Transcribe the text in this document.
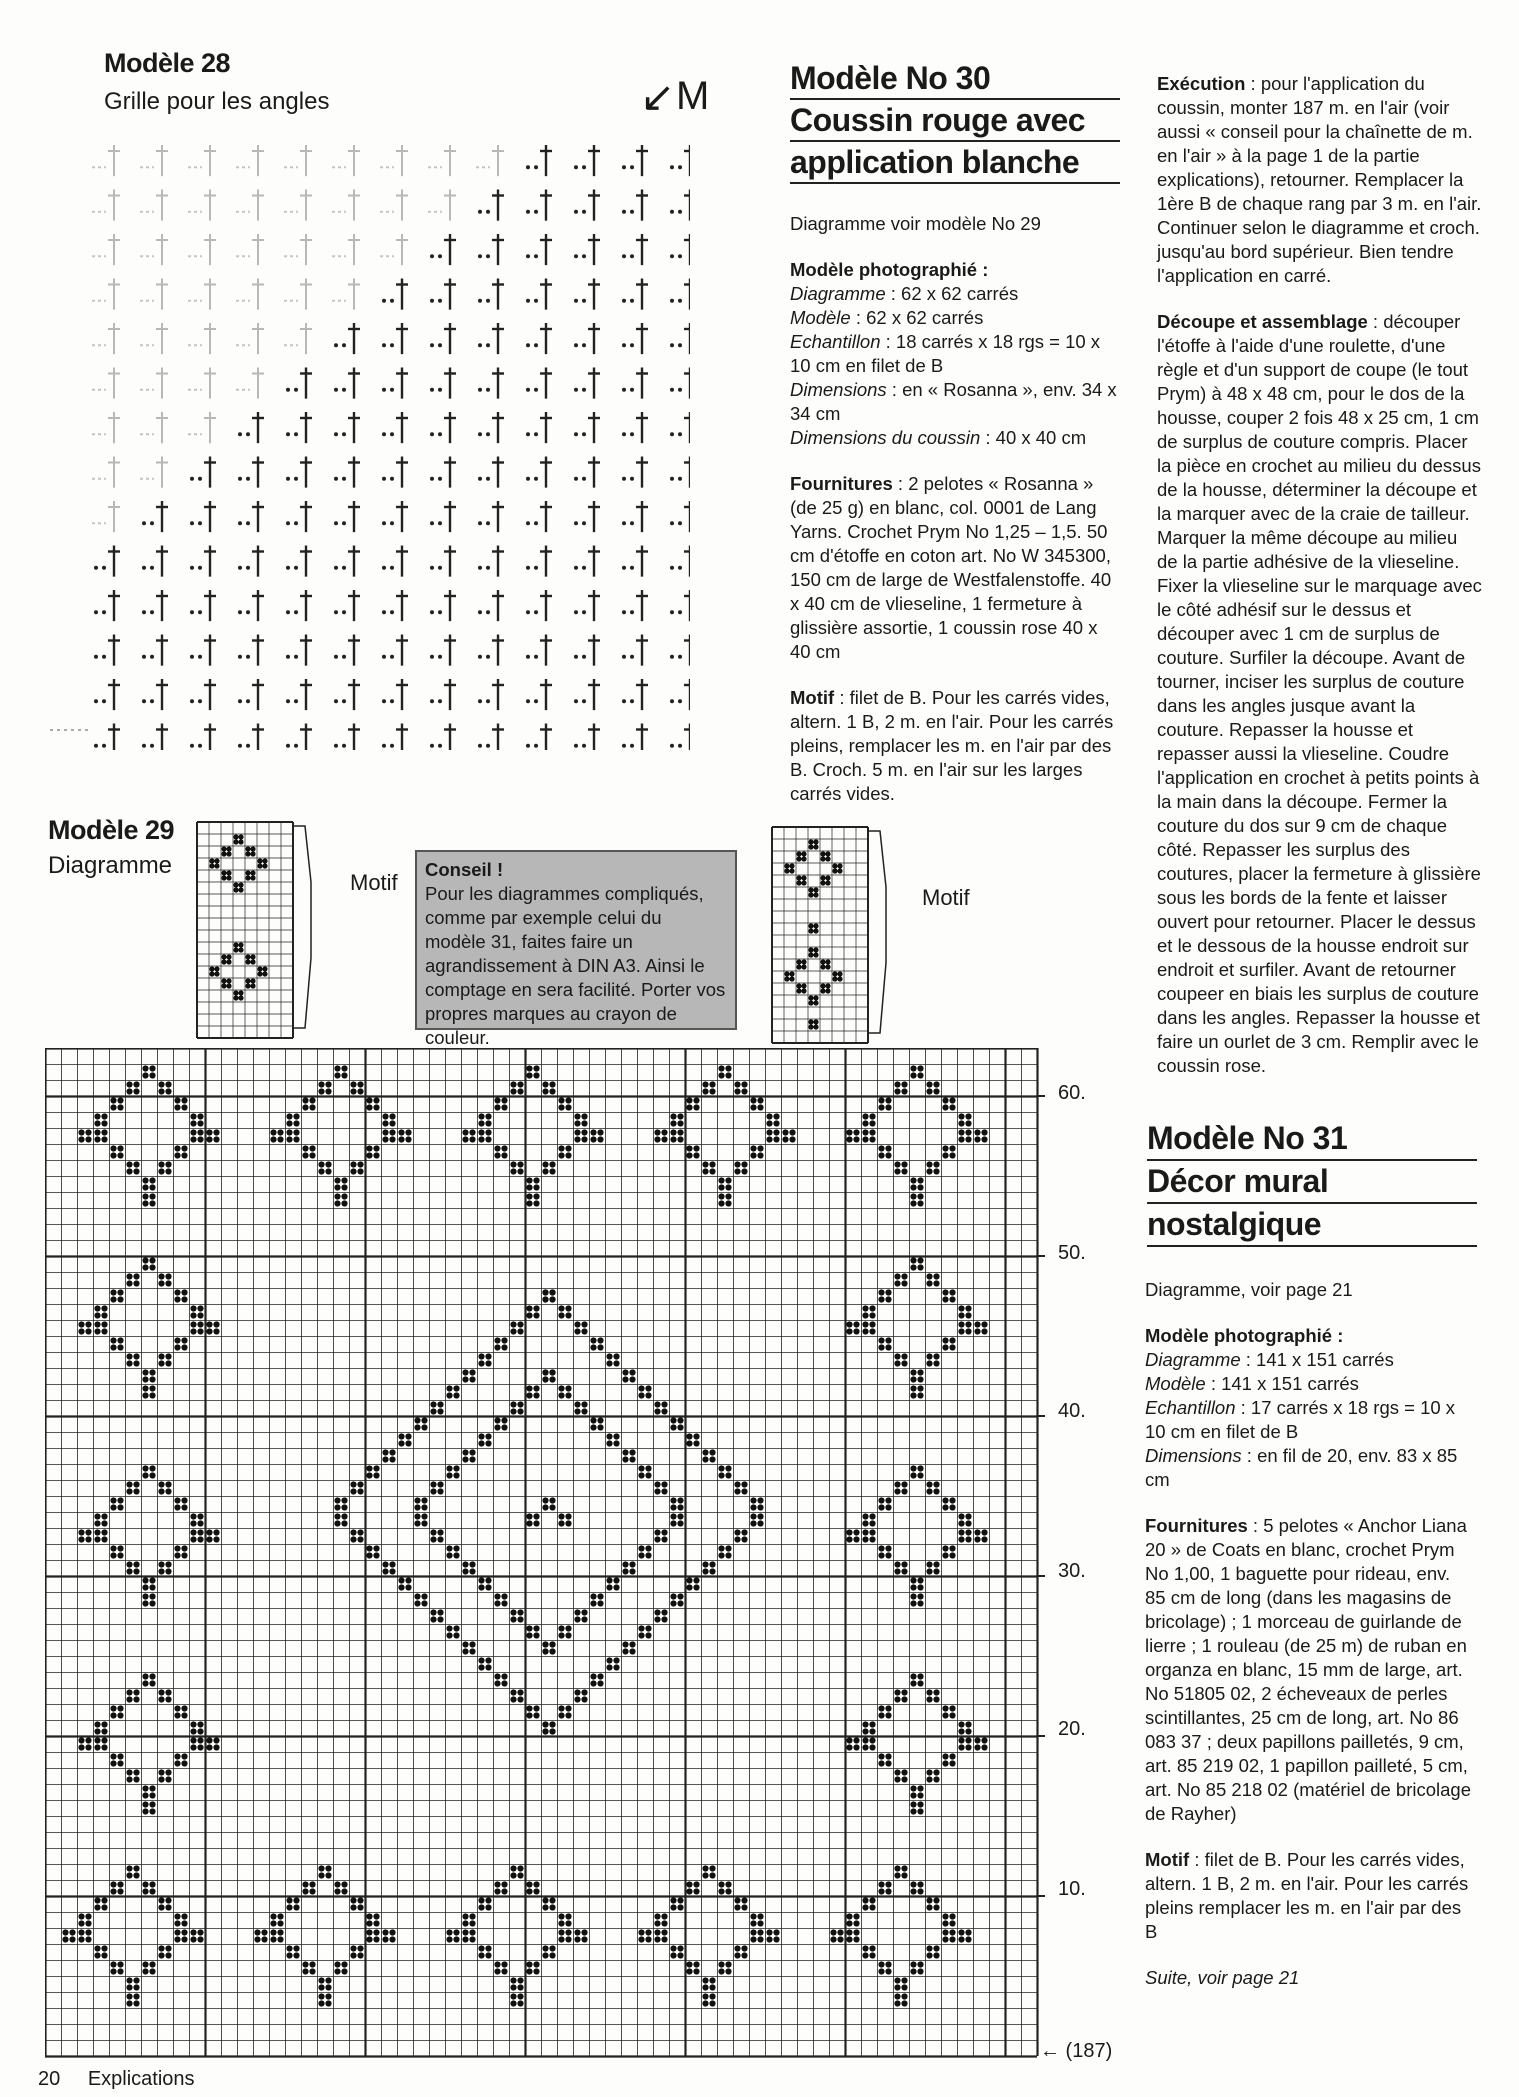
Modèle 28
Grille pour les angles	↙ M	Modèle No 30
Coussin rouge avec
application blanche

Diagramme voir modèle No 29

Modèle photographié :
Diagramme : 62 x 62 carrés
Modèle : 62 x 62 carrés
Echantillon : 18 carrés x 18 rgs = 10 x 10 cm en filet de B
Dimensions : en « Rosanna », env. 34 x 34 cm
Dimensions du coussin : 40 x 40 cm

Fournitures : 2 pelotes « Rosanna » (de 25 g) en blanc, col. 0001 de Lang Yarns. Crochet Prym No 1,25 – 1,5. 50 cm d'étoffe en coton art. No W 345300, 150 cm de large de Westfalenstoffe. 40 x 40 cm de vlieseline, 1 fermeture à glissière assortie, 1 coussin rose 40 x 40 cm

Motif : filet de B. Pour les carrés vides, altern. 1 B, 2 m. en l'air. Pour les carrés pleins, remplacer les m. en l'air par des B. Croch. 5 m. en l'air sur les larges carrés vides.

Exécution : pour l'application du coussin, monter 187 m. en l'air (voir aussi « conseil pour la chaînette de m. en l'air » à la page 1 de la partie explications), retourner. Remplacer la 1ère B de chaque rang par 3 m. en l'air. Continuer selon le diagramme et croch. jusqu'au bord supérieur. Bien tendre l'application en carré.

Découpe et assemblage : découper l'étoffe à l'aide d'une roulette, d'une règle et d'un support de coupe (le tout Prym) à 48 x 48 cm, pour le dos de la housse, couper 2 fois 48 x 25 cm, 1 cm de surplus de couture compris. Placer la pièce en crochet au milieu du dessus de la housse, déterminer la découpe et la marquer avec de la craie de tailleur. Marquer la même découpe au milieu de la partie adhésive de la vlieseline. Fixer la vlieseline sur le marquage avec le côté adhésif sur le dessus et découper avec 1 cm de surplus de couture. Surfiler la découpe. Avant de tourner, inciser les surplus de couture dans les angles jusque avant la couture. Repasser la housse et repasser aussi la vlieseline. Coudre l'application en crochet à petits points à la main dans la découpe. Fermer la couture du dos sur 9 cm de chaque côté. Repasser les surplus des coutures, placer la fermeture à glissière sous les bords de la fente et laisser ouvert pour retourner. Placer le dessus et le dessous de la housse endroit sur endroit et surfiler. Avant de retourner coupeer en biais les surplus de couture dans les angles. Repasser la housse et faire un ourlet de 3 cm. Remplir avec le coussin rose.

Modèle No 31
Décor mural
nostalgique

Diagramme, voir page 21

Modèle photographié :
Diagramme : 141 x 151 carrés
Modèle : 141 x 151 carrés
Echantillon : 17 carrés x 18 rgs = 10 x 10 cm en filet de B
Dimensions : en fil de 20, env. 83 x 85 cm

Fournitures : 5 pelotes « Anchor Liana 20 » de Coats en blanc, crochet Prym No 1,00, 1 baguette pour rideau, env. 85 cm de long (dans les magasins de bricolage) ; 1 morceau de guirlande de lierre ; 1 rouleau (de 25 m) de ruban en organza en blanc, 15 mm de large, art. No 51805 02, 2 écheveaux de perles scintillantes, 25 cm de long, art. No 86 083 37 ; deux papillons pailletés, 9 cm, art. 85 219 02, 1 papillon pailleté, 5 cm, art. No 85 218 02 (matériel de bricolage de Rayher)

Motif : filet de B. Pour les carrés vides, altern. 1 B, 2 m. en l'air. Pour les carrés pleins remplacer les m. en l'air par des B

Suite, voir page 21

Modèle 29
Diagramme
Motif
Motif
Conseil !
Pour les diagrammes compliqués, comme par exemple celui du modèle 31, faites faire un agrandissement à DIN A3. Ainsi le comptage en sera facilité. Porter vos propres marques au crayon de couleur.
60.
50.
40.
30.
20.
10.
← (187)
20 Explications
